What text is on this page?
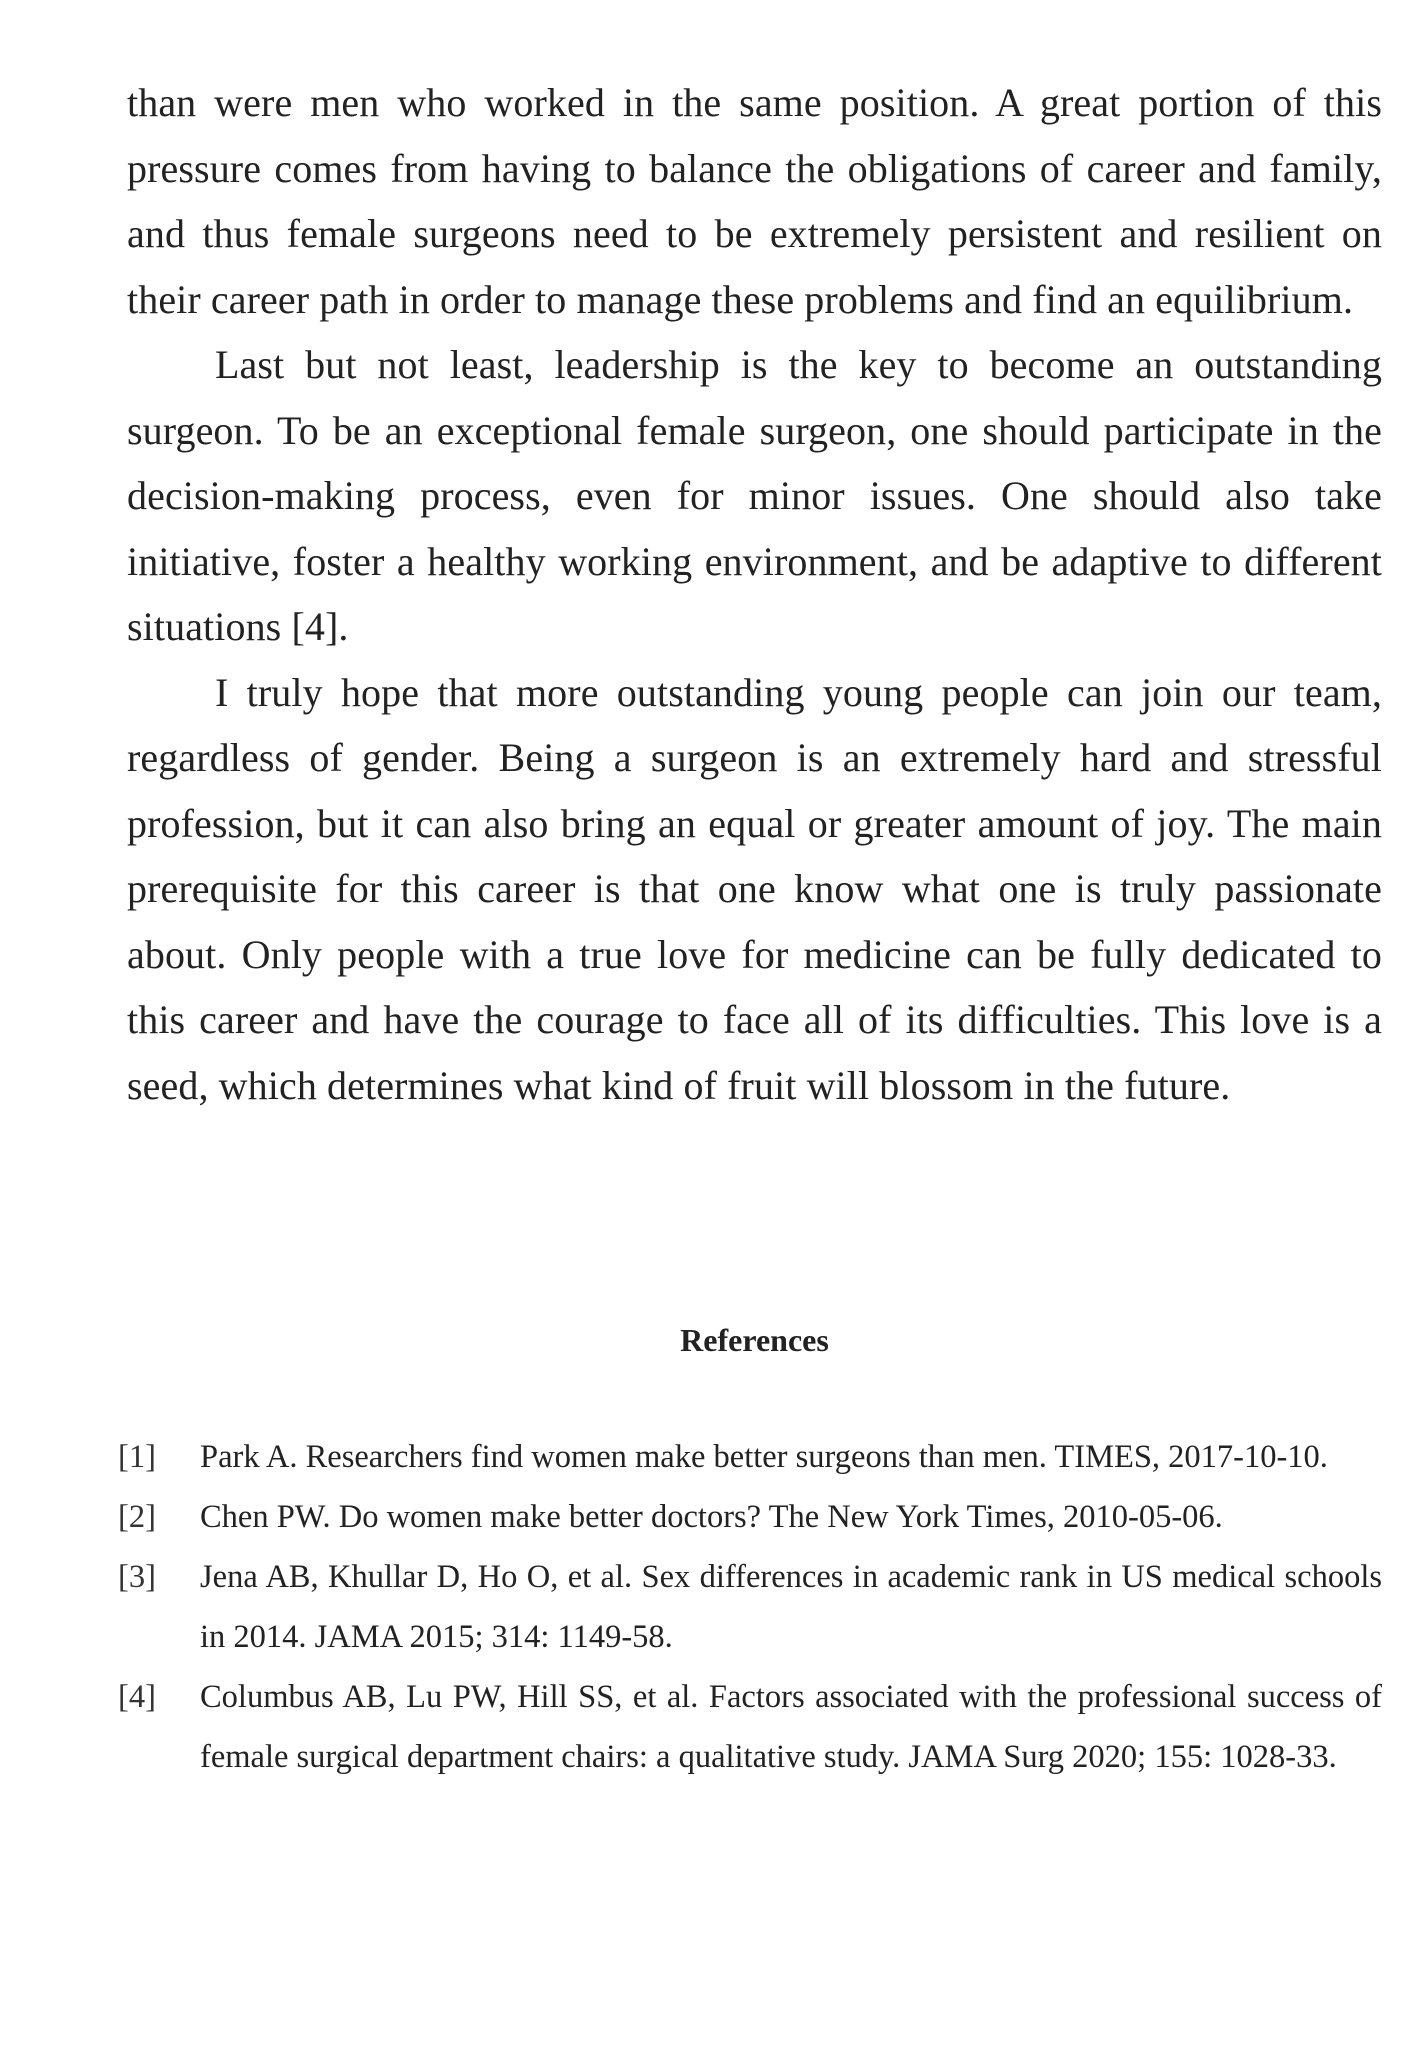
than were men who worked in the same position. A great portion of this pressure comes from having to balance the obligations of career and family, and thus female surgeons need to be extremely persistent and resilient on their career path in order to manage these problems and find an equilibrium.

Last but not least, leadership is the key to become an outstanding surgeon. To be an exceptional female surgeon, one should participate in the decision-making process, even for minor issues. One should also take initiative, foster a healthy working environment, and be adaptive to different situations [4].

I truly hope that more outstanding young people can join our team, regardless of gender. Being a surgeon is an extremely hard and stressful profession, but it can also bring an equal or greater amount of joy. The main prerequisite for this career is that one know what one is truly passionate about. Only people with a true love for medicine can be fully dedicated to this career and have the courage to face all of its difficulties. This love is a seed, which determines what kind of fruit will blossom in the future.

References
[1]	Park A. Researchers find women make better surgeons than men. TIMES, 2017-10-10.
[2]	Chen PW. Do women make better doctors? The New York Times, 2010-05-06.
[3]	Jena AB, Khullar D, Ho O, et al. Sex differences in academic rank in US medical schools in 2014. JAMA 2015; 314: 1149-58.
[4]	Columbus AB, Lu PW, Hill SS, et al. Factors associated with the professional success of female surgical department chairs: a qualitative study. JAMA Surg 2020; 155: 1028-33.
